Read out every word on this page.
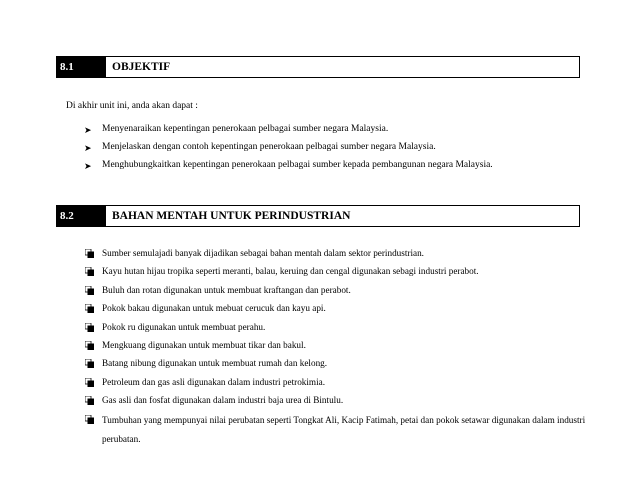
8.1	OBJEKTIF
Di akhir unit ini, anda akan dapat :
➤	Menyenaraikan kepentingan penerokaan pelbagai sumber negara Malaysia.
➤	Menjelaskan dengan contoh kepentingan penerokaan pelbagai sumber negara Malaysia.
➤	Menghubungkaitkan kepentingan penerokaan pelbagai sumber kepada pembangunan negara Malaysia.
8.2	BAHAN MENTAH UNTUK PERINDUSTRIAN
Sumber semulajadi banyak dijadikan sebagai bahan mentah dalam sektor perindustrian.
Kayu hutan hijau tropika seperti meranti, balau, keruing dan cengal digunakan sebagi industri perabot.
Buluh dan rotan digunakan untuk membuat kraftangan dan perabot.
Pokok bakau digunakan untuk mebuat cerucuk dan kayu api.
Pokok ru digunakan untuk membuat perahu.
Mengkuang digunakan untuk membuat tikar dan bakul.
Batang nibung digunakan untuk membuat rumah dan kelong.
Petroleum dan gas asli digunakan dalam industri petrokimia.
Gas asli dan fosfat digunakan dalam industri baja urea di Bintulu.
Tumbuhan yang mempunyai nilai perubatan seperti Tongkat Ali, Kacip Fatimah, petai dan pokok setawar digunakan dalam industri perubatan.
